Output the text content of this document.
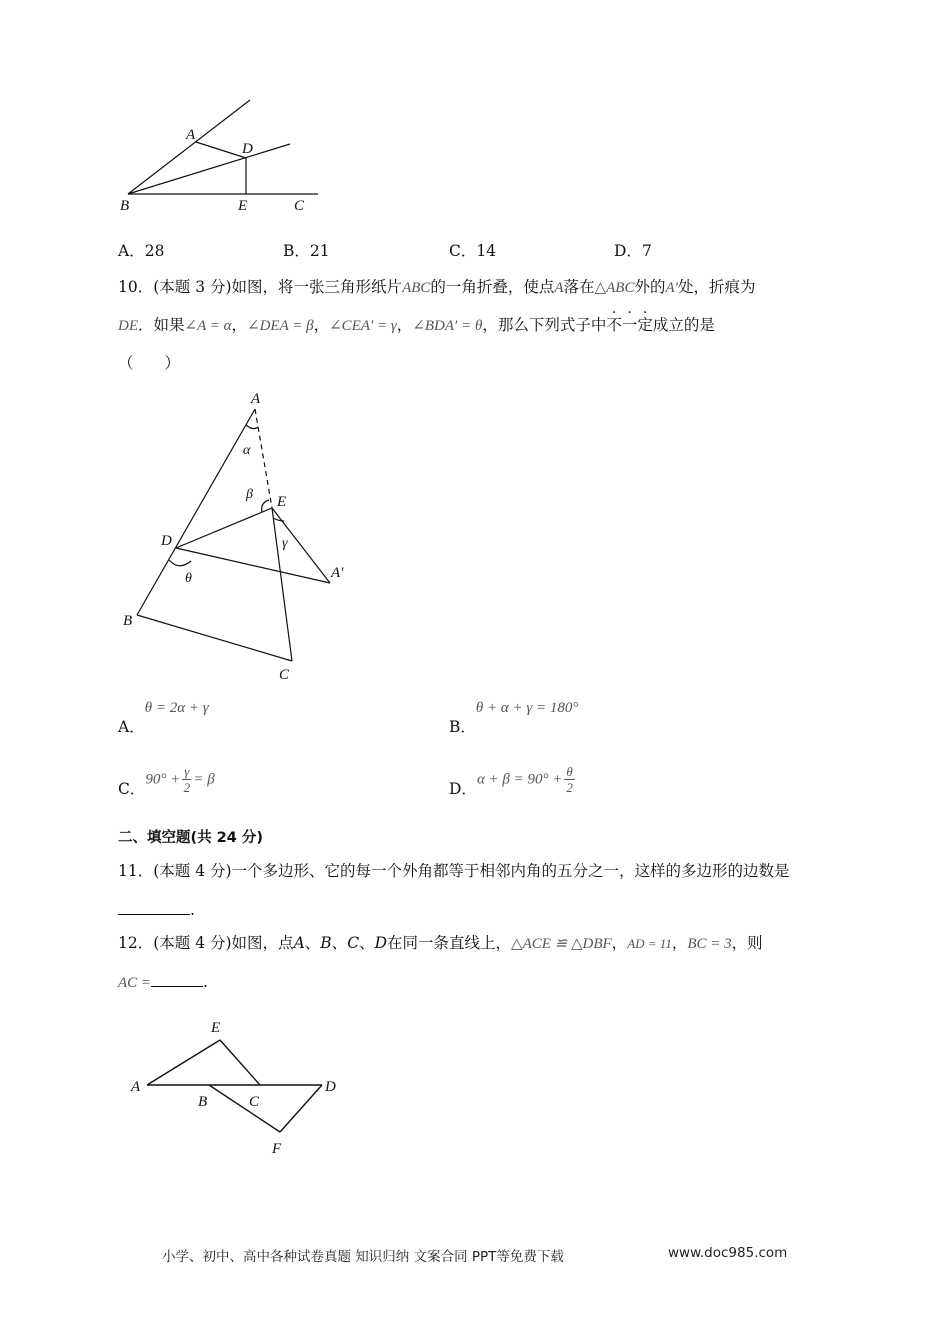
A
D
B	E	C
A．28	B．21	C．14	D．7
10．(本题 3 分)如图，将一张三角形纸片ABC的一角折叠，使点A落在△ABC外的A′处，折痕为
DE．如果∠A = α，∠DEA = β，∠CEA′ = γ，∠BDA′ = θ，那么下列式子中不一定成立的是
（　　）
A
E
D
A′
B
C
α
β
γ
θ
A．θ = 2α + γ
B．θ + α + γ = 180°
C．$90^\circ + \frac{\gamma}{2} = \beta$	D．$\alpha + \beta = 90^\circ + \frac{\theta}{2}$
二、填空题(共 24 分)
11．(本题 4 分)一个多边形、它的每一个外角都等于相邻内角的五分之一，这样的多边形的边数是
.
12．(本题 4 分)如图，点A、B、C、D在同一条直线上，△ACE ≌ △DBF，AD = 11，BC = 3，则
AC =	.
E
A	D
B	C
F
小学、初中、高中各种试卷真题 知识归纳 文案合同 PPT等免费下载	www.doc985.com
